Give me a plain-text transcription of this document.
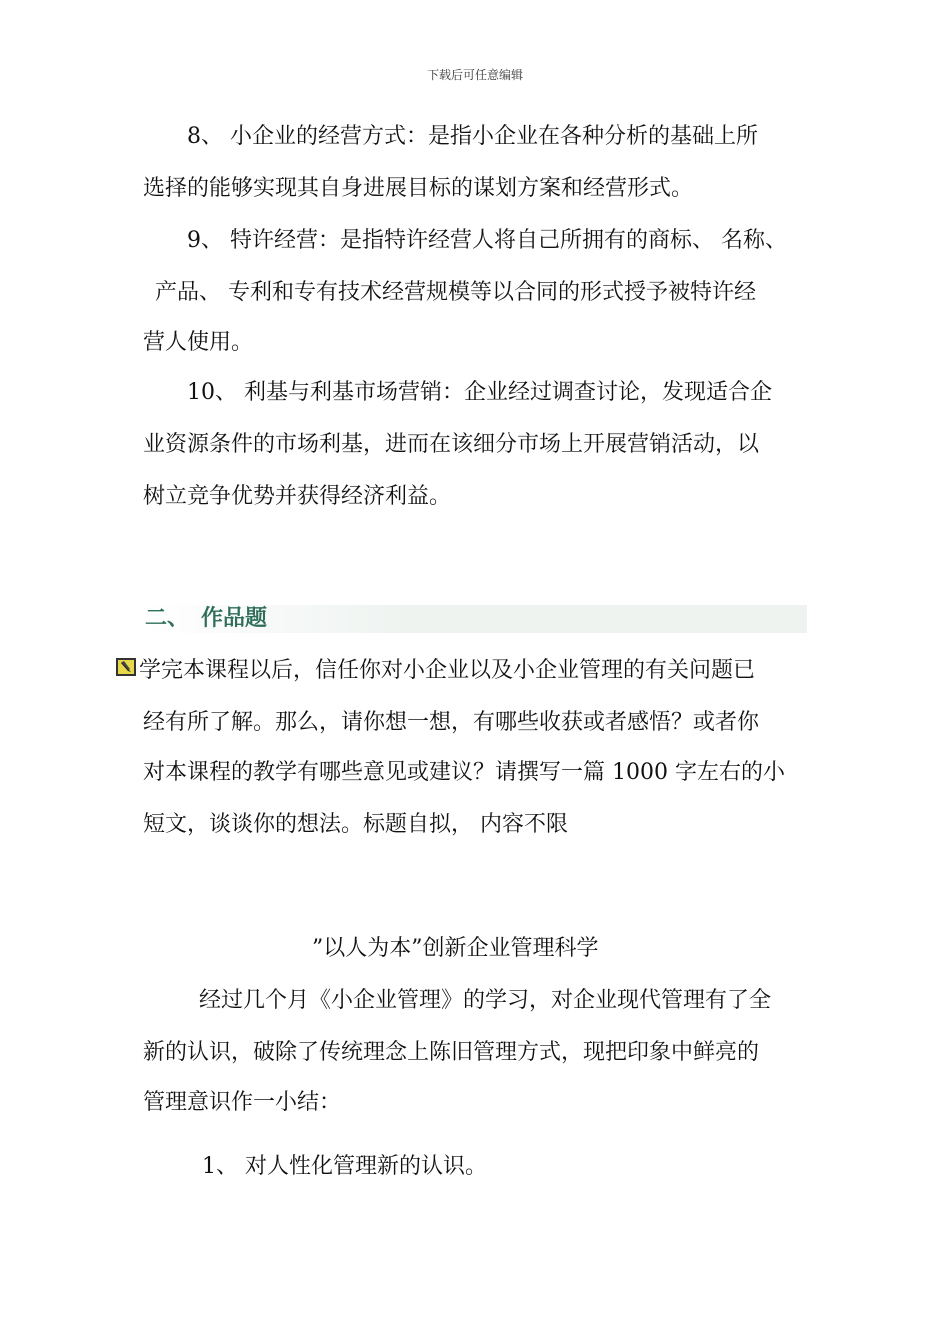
下载后可任意编辑
8、 小企业的经营方式：是指小企业在各种分析的基础上所
选择的能够实现其自身进展目标的谋划方案和经营形式。
9、 特许经营：是指特许经营人将自己所拥有的商标、 名称、
产品、 专利和专有技术经营规模等以合同的形式授予被特许经
营人使用。
10、 利基与利基市场营销：企业经过调查讨论，发现适合企
业资源条件的市场利基，进而在该细分市场上开展营销活动，以
树立竞争优势并获得经济利益。
二、 作品题
学完本课程以后，信任你对小企业以及小企业管理的有关问题已
经有所了解。那么，请你想一想，有哪些收获或者感悟？或者你
对本课程的教学有哪些意见或建议？请撰写一篇 1000 字左右的小
短文，谈谈你的想法。标题自拟， 内容不限
”以人为本”创新企业管理科学
经过几个月《小企业管理》的学习，对企业现代管理有了全
新的认识，破除了传统理念上陈旧管理方式，现把印象中鲜亮的
管理意识作一小结：
1、 对人性化管理新的认识。
